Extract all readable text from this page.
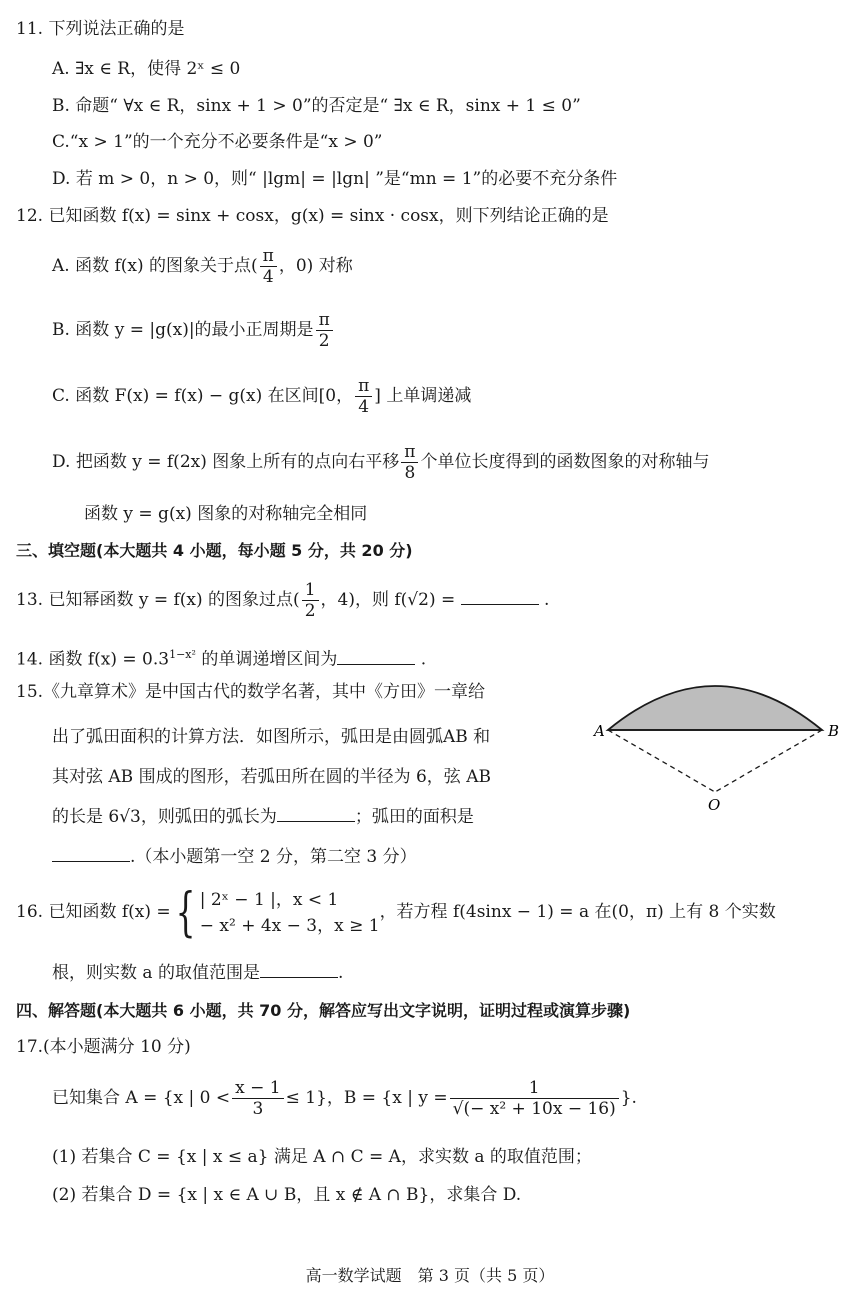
11. 下列说法正确的是
A. ∃x ∈ R，使得 2ˣ ≤ 0
B. 命题“ ∀x ∈ R，sinx + 1 > 0”的否定是“ ∃x ∈ R，sinx + 1 ≤ 0”
C.“x > 1”的一个充分不必要条件是“x > 0”
D. 若 m > 0，n > 0，则“ |lgm| = |lgn| ”是“mn = 1”的必要不充分条件
12. 已知函数 f(x) = sinx + cosx，g(x) = sinx · cosx，则下列结论正确的是
A. 函数 f(x) 的图象关于点( $\frac{\pi}{4}$ ，0) 对称
B. 函数 y = |g(x)|的最小正周期是 $\frac{\pi}{2}$
C. 函数 F(x) = f(x) − g(x) 在区间[0， $\frac{\pi}{4}$ ] 上单调递减
D. 把函数 y = f(2x) 图象上所有的点向右平移 $\frac{\pi}{8}$ 个单位长度得到的函数图象的对称轴与
函数 y = g(x) 图象的对称轴完全相同
三、填空题(本大题共 4 小题，每小题 5 分，共 20 分)
13. 已知幂函数 y = f(x) 的图象过点( $\frac{1}{2}$ ，4)，则 f(√2) =	.
14. 函数 $f(x) = 0.3^{1-x^2}$ 的单调递增区间为	.
15.《九章算术》是中国古代的数学名著，其中《方田》一章给
出了弧田面积的计算方法．如图所示，弧田是由圆弧AB 和
其对弦 AB 围成的图形，若弧田所在圆的半径为 6，弦 AB
的长是 6√3，则弧田的弧长为	；弧田的面积是
.（本小题第一空 2 分，第二空 3 分）
A	B
O
16. 已知函数 f(x) ={ | 2ˣ − 1 |，x < 1
− x² + 4x − 3，x ≥ 1
，若方程 f(4sinx − 1) = a 在(0，π) 上有 8 个实数
根，则实数 a 的取值范围是	.
四、解答题(本大题共 6 小题，共 70 分，解答应写出文字说明，证明过程或演算步骤)
17.(本小题满分 10 分)
已知集合 A = {x | $0 < \frac{x - 1}{3} \le 1$}，B = {x | $y = \frac{1}{\text{√(− x² + 10x − 16)}}$ }.
(1) 若集合 C = {x | x ≤ a} 满足 A ∩ C = A，求实数 a 的取值范围；
(2) 若集合 D = {x | x ∈ A ∪ B，且 x ∉ A ∩ B}，求集合 D.
高一数学试题　第 3 页（共 5 页）
